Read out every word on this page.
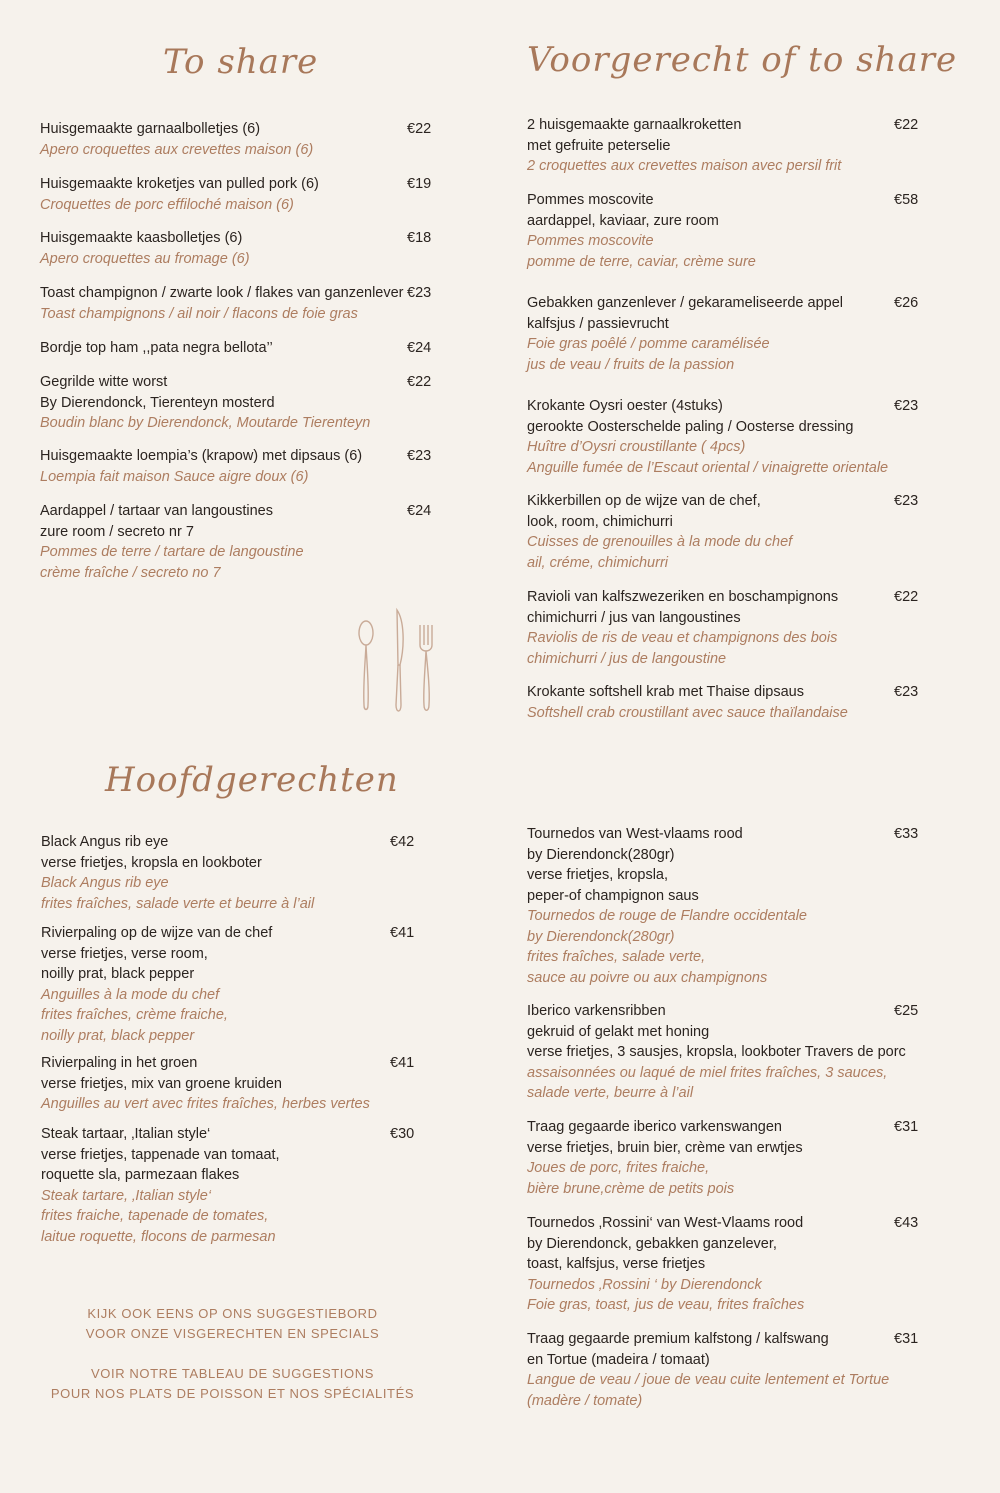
To share	Voorgerecht of to share
Hoofdgerechten
Huisgemaakte garnaalbolletjes (6)
Apero croquettes aux crevettes maison (6)
€22
Huisgemaakte kroketjes van pulled pork (6)
Croquettes de porc effiloché maison (6)
€19
Huisgemaakte kaasbolletjes (6)
Apero croquettes au fromage (6)
€18
Toast champignon / zwarte look / flakes van ganzenlever
Toast champignons / ail noir / flacons de foie gras
€23
Bordje top ham ,,pata negra bellota’’	€24
Gegrilde witte worst
By Dierendonck, Tierenteyn mosterd
Boudin blanc by Dierendonck, Moutarde Tierenteyn
€22
Huisgemaakte loempia’s (krapow) met dipsaus (6)
Loempia fait maison Sauce aigre doux (6)
€23
Aardappel / tartaar van langoustines
zure room / secreto nr 7
Pommes de terre / tartare de langoustine
crème fraîche / secreto no 7
€24
2 huisgemaakte garnaalkroketten
met gefruite peterselie
2 croquettes aux crevettes maison avec persil frit
€22
Pommes moscovite
aardappel, kaviaar, zure room
Pommes moscovite
pomme de terre, caviar, crème sure
€58
Gebakken ganzenlever / gekarameliseerde appel
kalfsjus / passievrucht
Foie gras poêlé / pomme caramélisée
jus de veau / fruits de la passion
€26
Krokante Oysri oester (4stuks)
gerookte Oosterschelde paling / Oosterse dressing
Huître d’Oysri croustillante ( 4pcs)
Anguille fumée de l’Escaut oriental / vinaigrette orientale
€23
Kikkerbillen op de wijze van de chef,
look, room, chimichurri
Cuisses de grenouilles à la mode du chef
ail, créme, chimichurri
€23
Ravioli van kalfszwezeriken en boschampignons
chimichurri / jus van langoustines
Raviolis de ris de veau et champignons des bois
chimichurri / jus de langoustine
€22
Krokante softshell krab met Thaise dipsaus
Softshell crab croustillant avec sauce thaïlandaise
€23
Black Angus rib eye
verse frietjes, kropsla en lookboter
Black Angus rib eye
frites fraîches, salade verte et beurre à l’ail
€42
Rivierpaling op de wijze van de chef
verse frietjes, verse room,
noilly prat, black pepper
Anguilles à la mode du chef
frites fraîches, crème fraiche,
noilly prat, black pepper
€41
Rivierpaling in het groen
verse frietjes, mix van groene kruiden
Anguilles au vert avec frites fraîches, herbes vertes
€41
Steak tartaar, ‚Italian style‘
verse frietjes, tappenade van tomaat,
roquette sla, parmezaan flakes
Steak tartare, ‚Italian style‘
frites fraiche, tapenade de tomates,
laitue roquette, flocons de parmesan
€30
Tournedos van West-vlaams rood
by Dierendonck(280gr)
verse frietjes, kropsla,
peper-of champignon saus
Tournedos de rouge de Flandre occidentale
by Dierendonck(280gr)
frites fraîches, salade verte,
sauce au poivre ou aux champignons
€33
Iberico varkensribben
gekruid of gelakt met honing
verse frietjes, 3 sausjes, kropsla, lookboter Travers de porc
assaisonnées ou laqué de miel frites fraîches, 3 sauces,
salade verte, beurre à l’ail
€25
Traag gegaarde iberico varkenswangen
verse frietjes, bruin bier, crème van erwtjes
Joues de porc, frites fraiche,
bière brune,crème de petits pois
€31
Tournedos ‚Rossini‘ van West-Vlaams rood
by Dierendonck, gebakken ganzelever,
toast, kalfsjus, verse frietjes
Tournedos ‚Rossini ‘ by Dierendonck
Foie gras, toast, jus de veau, frites fraîches
€43
Traag gegaarde premium kalfstong / kalfswang
en Tortue (madeira / tomaat)
Langue de veau / joue de veau cuite lentement et Tortue
(madère / tomate)
€31
KIJK OOK EENS OP ONS SUGGESTIEBORD
VOOR ONZE VISGERECHTEN EN SPECIALS
VOIR NOTRE TABLEAU DE SUGGESTIONS
POUR NOS PLATS DE POISSON ET NOS SPÉCIALITÉS
